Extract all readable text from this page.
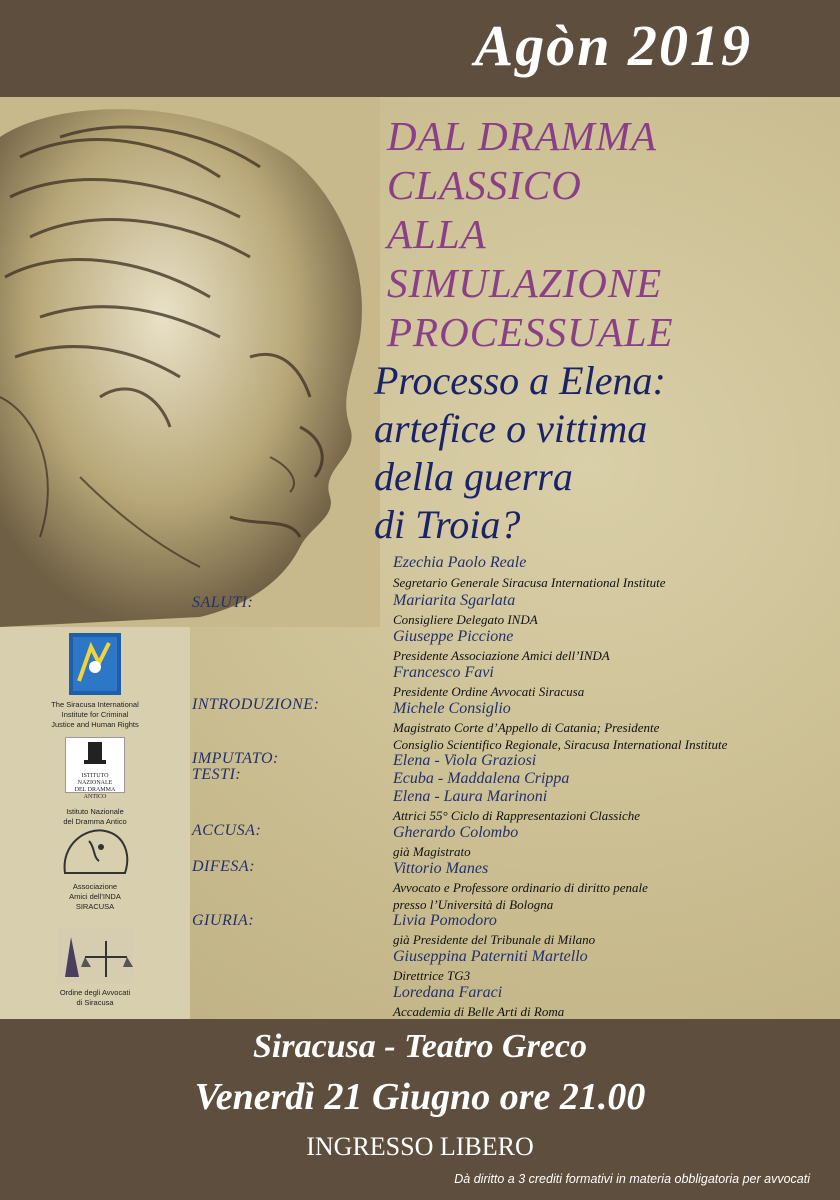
Agòn 2019
DAL DRAMMA
CLASSICO
ALLA
SIMULAZIONE
PROCESSUALE
Processo a Elena:
artefice o vittima
della guerra
di Troia?
The Siracusa International
Institute for Criminal
Justice and Human Rights
ISTITUTO NAZIONALE
DEL DRAMMA ANTICO
Istituto Nazionale
del Dramma Antico
Associazione
Amici dell’INDA
SIRACUSA
Ordine degli Avvocati
di Siracusa
SALUTI:
INTRODUZIONE:
IMPUTATO:
TESTI:
ACCUSA:
DIFESA:
GIURIA:
Ezechia Paolo Reale
Segretario Generale Siracusa International Institute
Mariarita Sgarlata
Consigliere Delegato INDA
Giuseppe Piccione
Presidente Associazione Amici dell’INDA
Francesco Favi
Presidente Ordine Avvocati Siracusa
Michele Consiglio
Magistrato Corte d’Appello di Catania; Presidente
Consiglio Scientifico Regionale, Siracusa International Institute
Elena - Viola Graziosi
Ecuba - Maddalena Crippa
Elena - Laura Marinoni
Attrici 55° Ciclo di Rappresentazioni Classiche
Gherardo Colombo
già Magistrato
Vittorio Manes
Avvocato e Professore ordinario di diritto penale
presso l’Università di Bologna
Livia Pomodoro
già Presidente del Tribunale di Milano
Giuseppina Paterniti Martello
Direttrice TG3
Loredana Faraci
Accademia di Belle Arti di Roma
Siracusa - Teatro Greco
Venerdì 21 Giugno ore 21.00
INGRESSO LIBERO
Dà diritto a 3 crediti formativi in materia obbligatoria per avvocati
